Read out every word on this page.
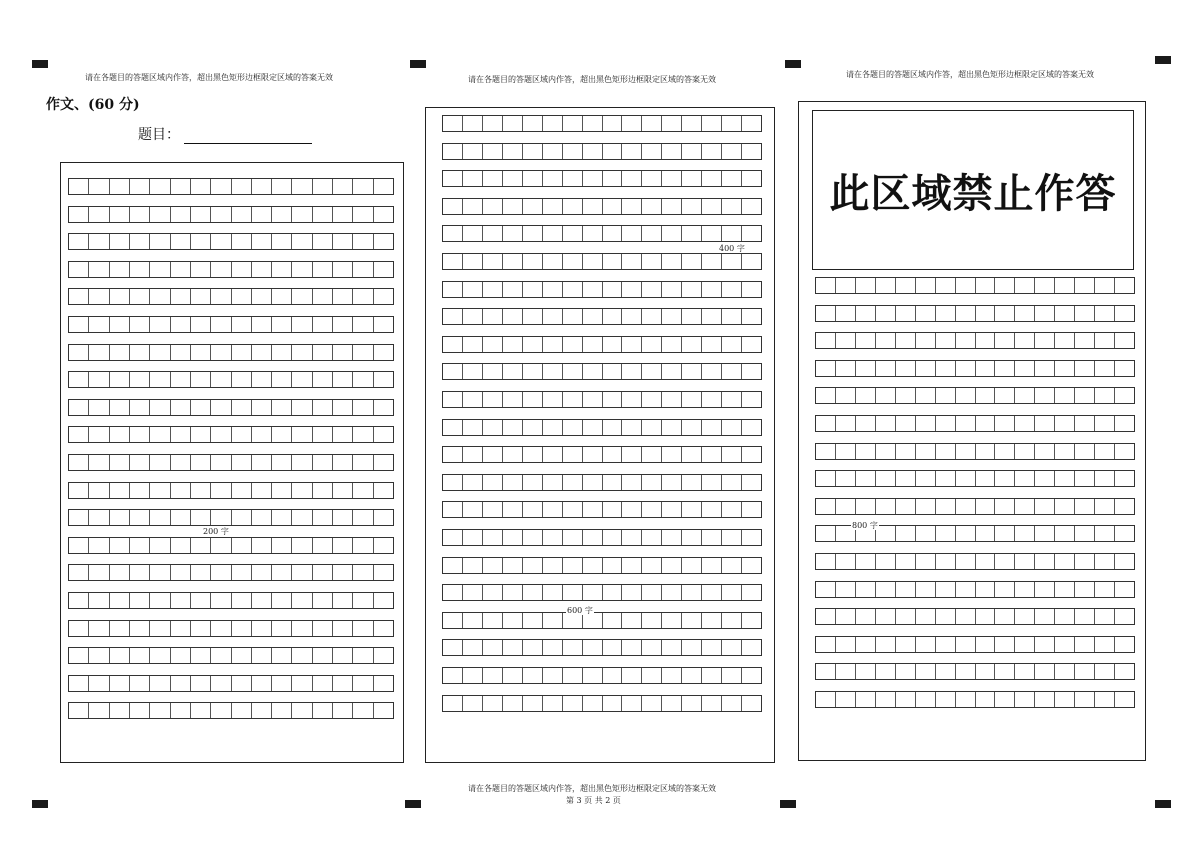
请在各题目的答题区域内作答，超出黑色矩形边框限定区域的答案无效	请在各题目的答题区域内作答，超出黑色矩形边框限定区域的答案无效
请在各题目的答题区域内作答，超出黑色矩形边框限定区域的答案无效
作文、(60 分)
题目：
此区域禁止作答
200 字
400 字
600 字
800 字
请在各题目的答题区域内作答，超出黑色矩形边框限定区域的答案无效
第 3 页 共 2 页
